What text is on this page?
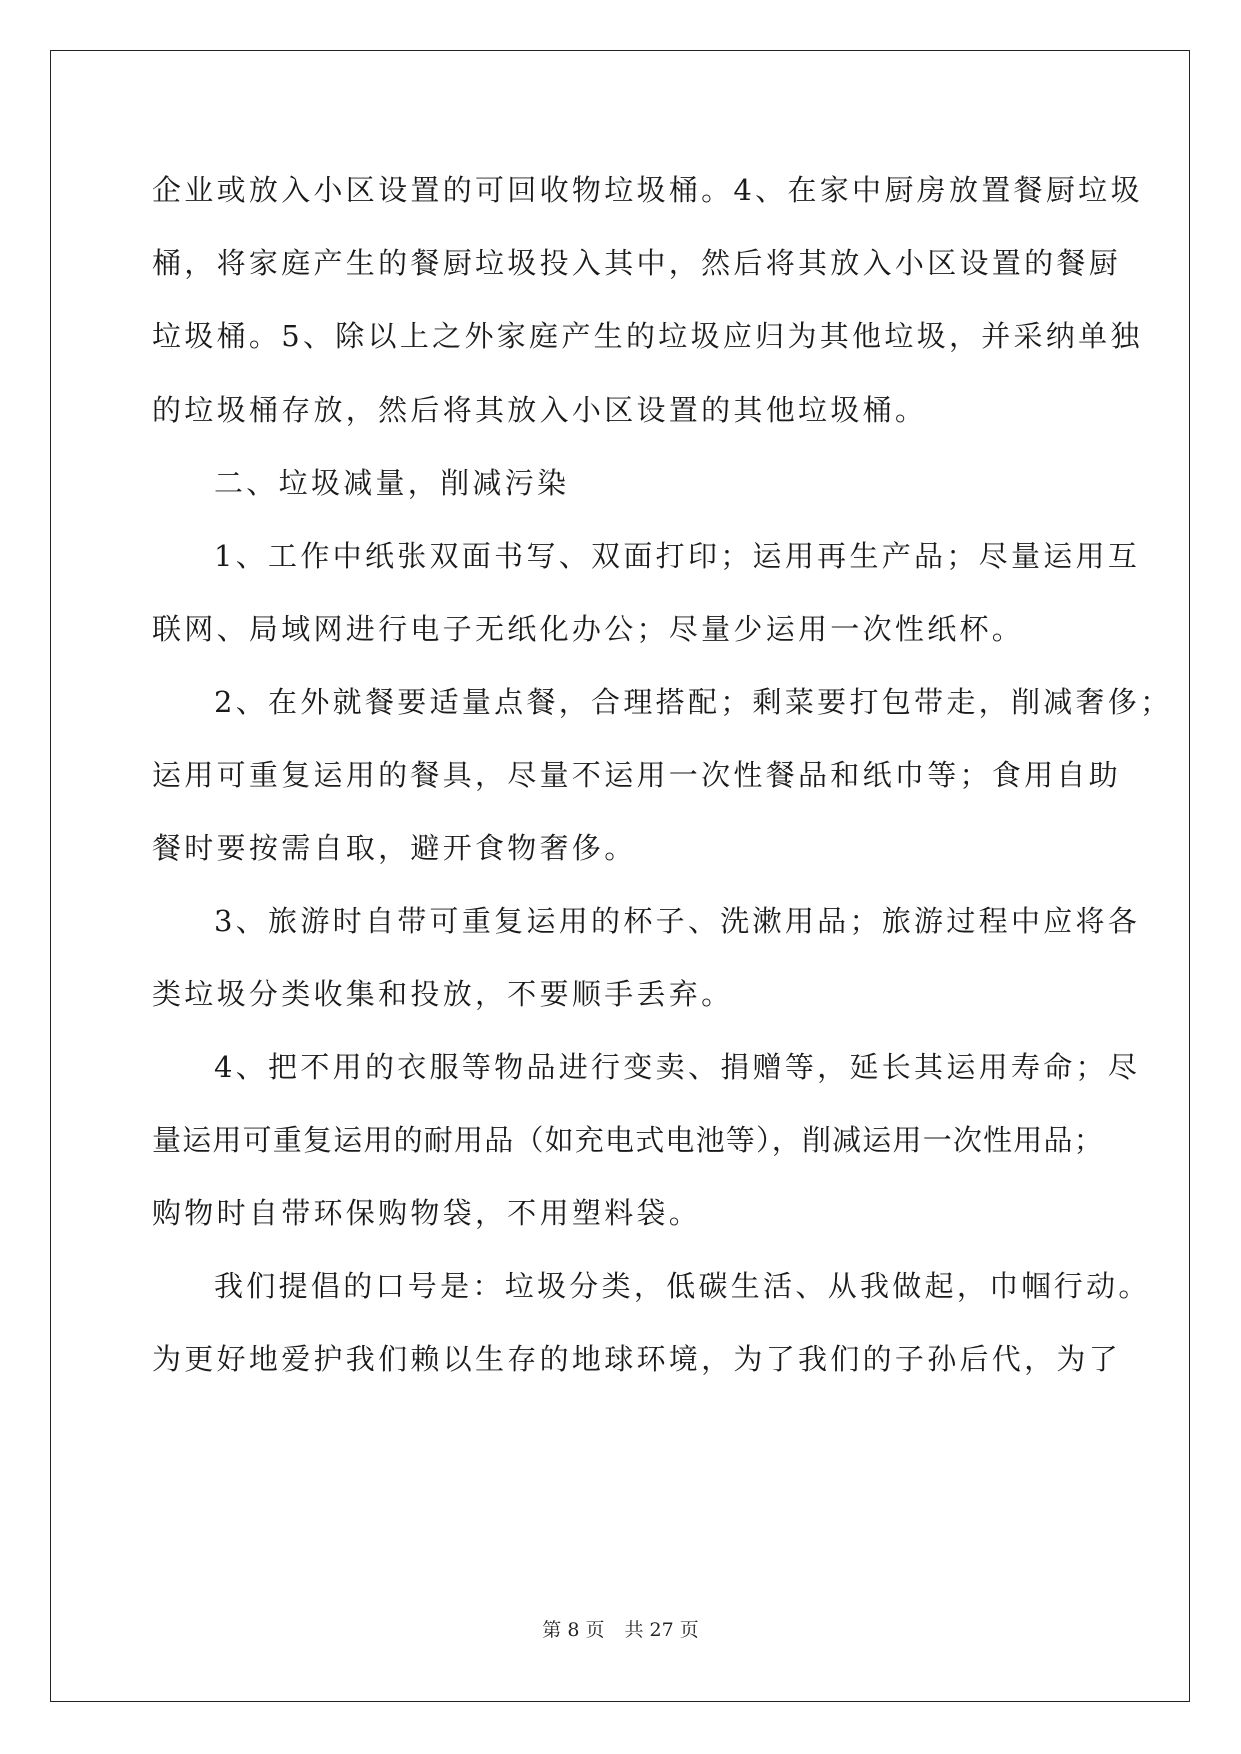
企业或放入小区设置的可回收物垃圾桶。4、在家中厨房放置餐厨垃圾
桶，将家庭产生的餐厨垃圾投入其中，然后将其放入小区设置的餐厨
垃圾桶。5、除以上之外家庭产生的垃圾应归为其他垃圾，并采纳单独
的垃圾桶存放，然后将其放入小区设置的其他垃圾桶。
二、垃圾减量，削减污染
1、工作中纸张双面书写、双面打印；运用再生产品；尽量运用互
联网、局域网进行电子无纸化办公；尽量少运用一次性纸杯。
2、在外就餐要适量点餐，合理搭配；剩菜要打包带走，削减奢侈；
运用可重复运用的餐具，尽量不运用一次性餐品和纸巾等；食用自助
餐时要按需自取，避开食物奢侈。
3、旅游时自带可重复运用的杯子、洗漱用品；旅游过程中应将各
类垃圾分类收集和投放，不要顺手丢弃。
4、把不用的衣服等物品进行变卖、捐赠等，延长其运用寿命；尽
量运用可重复运用的耐用品（如充电式电池等），削减运用一次性用品；
购物时自带环保购物袋，不用塑料袋。
我们提倡的口号是：垃圾分类，低碳生活、从我做起，巾帼行动。
为更好地爱护我们赖以生存的地球环境，为了我们的子孙后代，为了
第 8 页 共 27 页
